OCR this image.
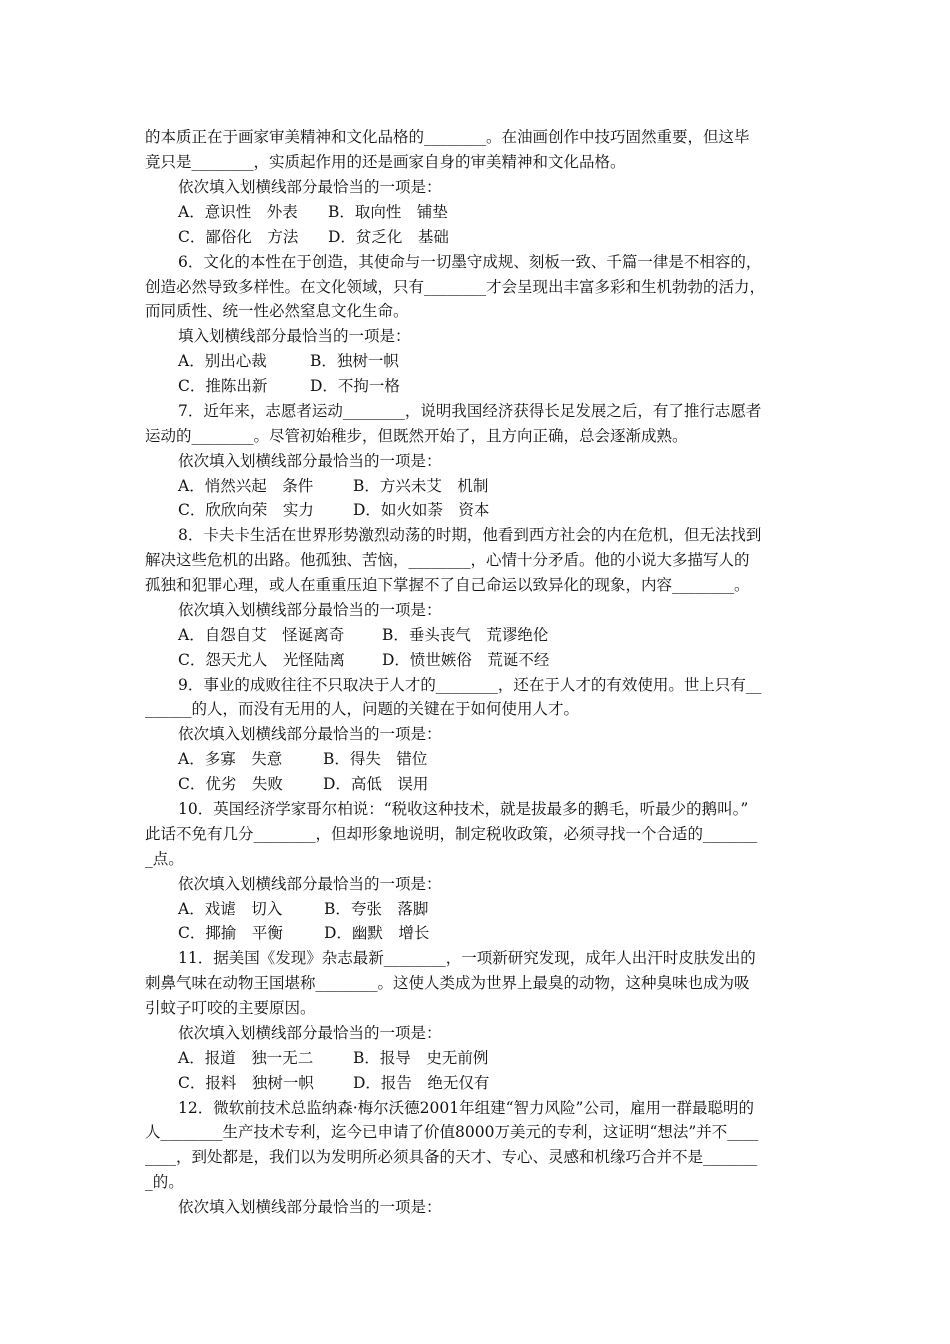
的本质正在于画家审美精神和文化品格的________。在油画创作中技巧固然重要，但这毕
竟只是________，实质起作用的还是画家自身的审美精神和文化品格。
依次填入划横线部分最恰当的一项是：
A．意识性　外表 B．取向性　铺垫
C．鄙俗化　方法 D．贫乏化　基础
6．文化的本性在于创造，其使命与一切墨守成规、刻板一致、千篇一律是不相容的，
创造必然导致多样性。在文化领域，只有________才会呈现出丰富多彩和生机勃勃的活力，
而同质性、统一性必然窒息文化生命。
填入划横线部分最恰当的一项是：
A．别出心裁	B．独树一帜
C．推陈出新	D．不拘一格
7．近年来，志愿者运动________，说明我国经济获得长足发展之后，有了推行志愿者
运动的________。尽管初始稚步，但既然开始了，且方向正确，总会逐渐成熟。
依次填入划横线部分最恰当的一项是：
A．悄然兴起　条件	B．方兴未艾　机制
C．欣欣向荣　实力	D．如火如荼　资本
8．卡夫卡生活在世界形势激烈动荡的时期，他看到西方社会的内在危机，但无法找到
解决这些危机的出路。他孤独、苦恼，________，心情十分矛盾。他的小说大多描写人的
孤独和犯罪心理，或人在重重压迫下掌握不了自己命运以致异化的现象，内容________。
依次填入划横线部分最恰当的一项是：
A．自怨自艾　怪诞离奇 B．垂头丧气　荒谬绝伦
C．怨天尤人　光怪陆离 D．愤世嫉俗　荒诞不经
9．事业的成败往往不只取决于人才的________，还在于人才的有效使用。世上只有__
______的人，而没有无用的人，问题的关键在于如何使用人才。
依次填入划横线部分最恰当的一项是：
A．多寡　失意	B．得失　错位
C．优劣　失败	D．高低　误用
10．英国经济学家哥尔柏说：“税收这种技术，就是拔最多的鹅毛，听最少的鹅叫。”
此话不免有几分________，但却形象地说明，制定税收政策，必须寻找一个合适的_______
_点。
依次填入划横线部分最恰当的一项是：
A．戏谑　切入	B．夸张　落脚
C．揶揄　平衡	D．幽默　增长
11．据美国《发现》杂志最新________，一项新研究发现，成年人出汗时皮肤发出的
刺鼻气味在动物王国堪称________。这使人类成为世界上最臭的动物，这种臭味也成为吸
引蚊子叮咬的主要原因。
依次填入划横线部分最恰当的一项是：
A．报道　独一无二	B．报导　史无前例
C．报料　独树一帜	D．报告　绝无仅有
12．微软前技术总监纳森·梅尔沃德2001年组建“智力风险”公司，雇用一群最聪明的
人________生产技术专利，迄今已申请了价值8000万美元的专利，这证明“想法”并不____
____，到处都是，我们以为发明所必须具备的天才、专心、灵感和机缘巧合并不是_______
_的。
依次填入划横线部分最恰当的一项是：
